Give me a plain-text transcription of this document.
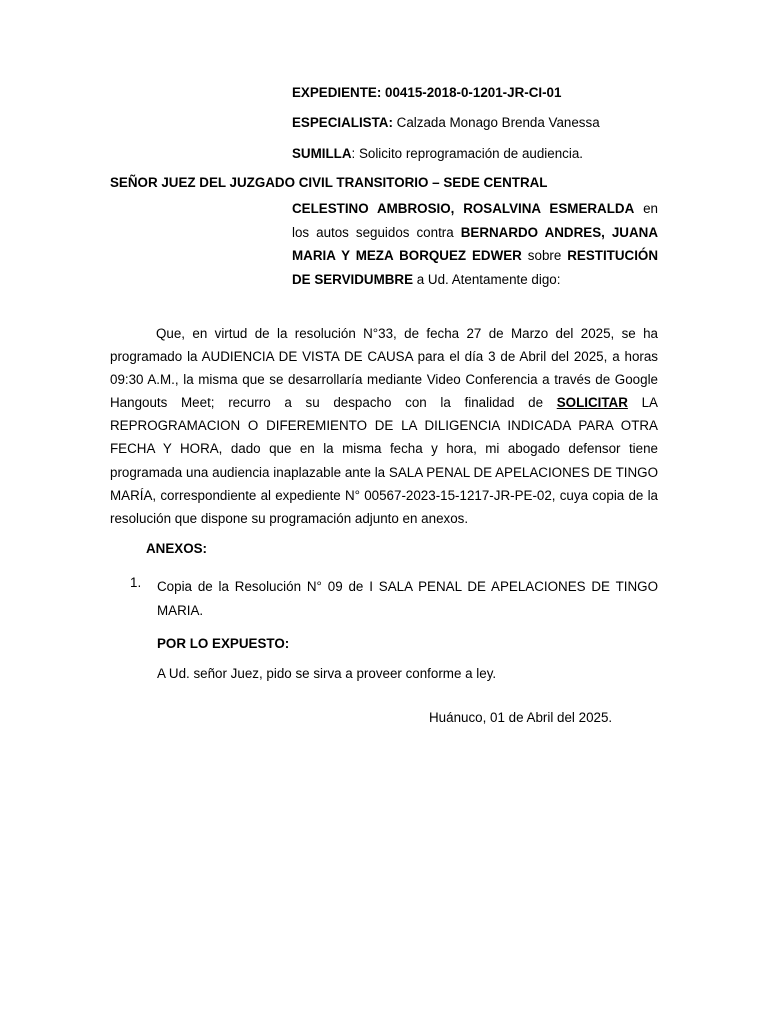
EXPEDIENTE: 00415-2018-0-1201-JR-CI-01

ESPECIALISTA: Calzada Monago Brenda Vanessa

SUMILLA: Solicito reprogramación de audiencia.

SEÑOR JUEZ DEL JUZGADO CIVIL TRANSITORIO – SEDE CENTRAL

CELESTINO AMBROSIO, ROSALVINA ESMERALDA en los autos seguidos contra BERNARDO ANDRES, JUANA MARIA Y MEZA BORQUEZ EDWER sobre RESTITUCIÓN DE SERVIDUMBRE a Ud. Atentamente digo:

Que, en virtud de la resolución N°33, de fecha 27 de Marzo del 2025, se ha programado la AUDIENCIA DE VISTA DE CAUSA para el día 3 de Abril del 2025, a horas 09:30 A.M., la misma que se desarrollaría mediante Video Conferencia a través de Google Hangouts Meet; recurro a su despacho con la finalidad de SOLICITAR LA REPROGRAMACION O DIFEREMIENTO DE LA DILIGENCIA INDICADA PARA OTRA FECHA Y HORA, dado que en la misma fecha y hora, mi abogado defensor tiene programada una audiencia inaplazable ante la SALA PENAL DE APELACIONES DE TINGO MARÍA, correspondiente al expediente N° 00567-2023-15-1217-JR-PE-02, cuya copia de la resolución que dispone su programación adjunto en anexos.

ANEXOS:

1. Copia de la Resolución N° 09 de I SALA PENAL DE APELACIONES DE TINGO MARIA.

POR LO EXPUESTO:

A Ud. señor Juez, pido se sirva a proveer conforme a ley.

Huánuco, 01 de Abril del 2025.
